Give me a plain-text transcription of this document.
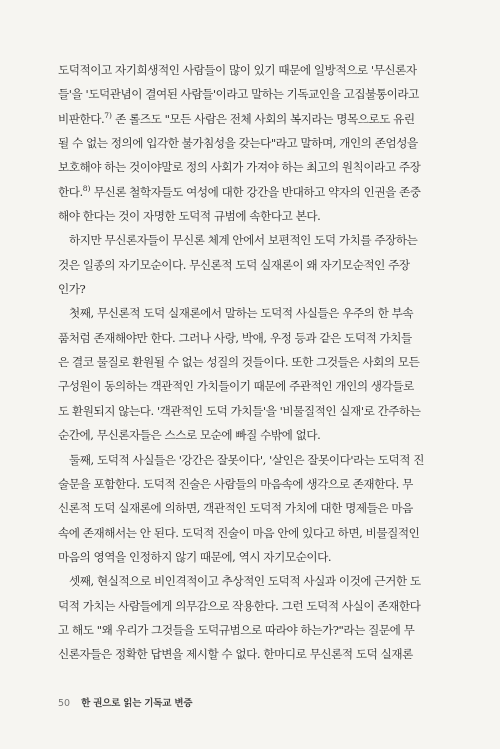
도덕적이고 자기희생적인 사람들이 많이 있기 때문에 일방적으로 '무신론자
들'을 '도덕관념이 결여된 사람들'이라고 말하는 기독교인을 고집불통이라고
비판한다.$^{7)}$ 존 롤즈도 "모든 사람은 전체 사회의 복지라는 명목으로도 유린
될 수 없는 정의에 입각한 불가침성을 갖는다"라고 말하며, 개인의 존엄성을
보호해야 하는 것이야말로 정의 사회가 가져야 하는 최고의 원칙이라고 주장
한다.$^{8)}$ 무신론 철학자들도 여성에 대한 강간을 반대하고 약자의 인권을 존중
해야 한다는 것이 자명한 도덕적 규범에 속한다고 본다.
하지만 무신론자들이 무신론 체계 안에서 보편적인 도덕 가치를 주장하는
것은 일종의 자기모순이다. 무신론적 도덕 실재론이 왜 자기모순적인 주장
인가?
첫째, 무신론적 도덕 실재론에서 말하는 도덕적 사실들은 우주의 한 부속
품처럼 존재해야만 한다. 그러나 사랑, 박애, 우정 등과 같은 도덕적 가치들
은 결코 물질로 환원될 수 없는 성질의 것들이다. 또한 그것들은 사회의 모든
구성원이 동의하는 객관적인 가치들이기 때문에 주관적인 개인의 생각들로
도 환원되지 않는다. '객관적인 도덕 가치들'을 '비물질적인 실재'로 간주하는
순간에, 무신론자들은 스스로 모순에 빠질 수밖에 없다.
둘째, 도덕적 사실들은 '강간은 잘못이다', '살인은 잘못이다'라는 도덕적 진
술문을 포함한다. 도덕적 진술은 사람들의 마음속에 생각으로 존재한다. 무
신론적 도덕 실재론에 의하면, 객관적인 도덕적 가치에 대한 명제들은 마음
속에 존재해서는 안 된다. 도덕적 진술이 마음 안에 있다고 하면, 비물질적인
마음의 영역을 인정하지 않기 때문에, 역시 자기모순이다.
셋째, 현실적으로 비인격적이고 추상적인 도덕적 사실과 이것에 근거한 도
덕적 가치는 사람들에게 의무감으로 작용한다. 그런 도덕적 사실이 존재한다
고 해도 "왜 우리가 그것들을 도덕규범으로 따라야 하는가?"라는 질문에 무
신론자들은 정확한 답변을 제시할 수 없다. 한마디로 무신론적 도덕 실재론
50 한 권으로 읽는 기독교 변증
